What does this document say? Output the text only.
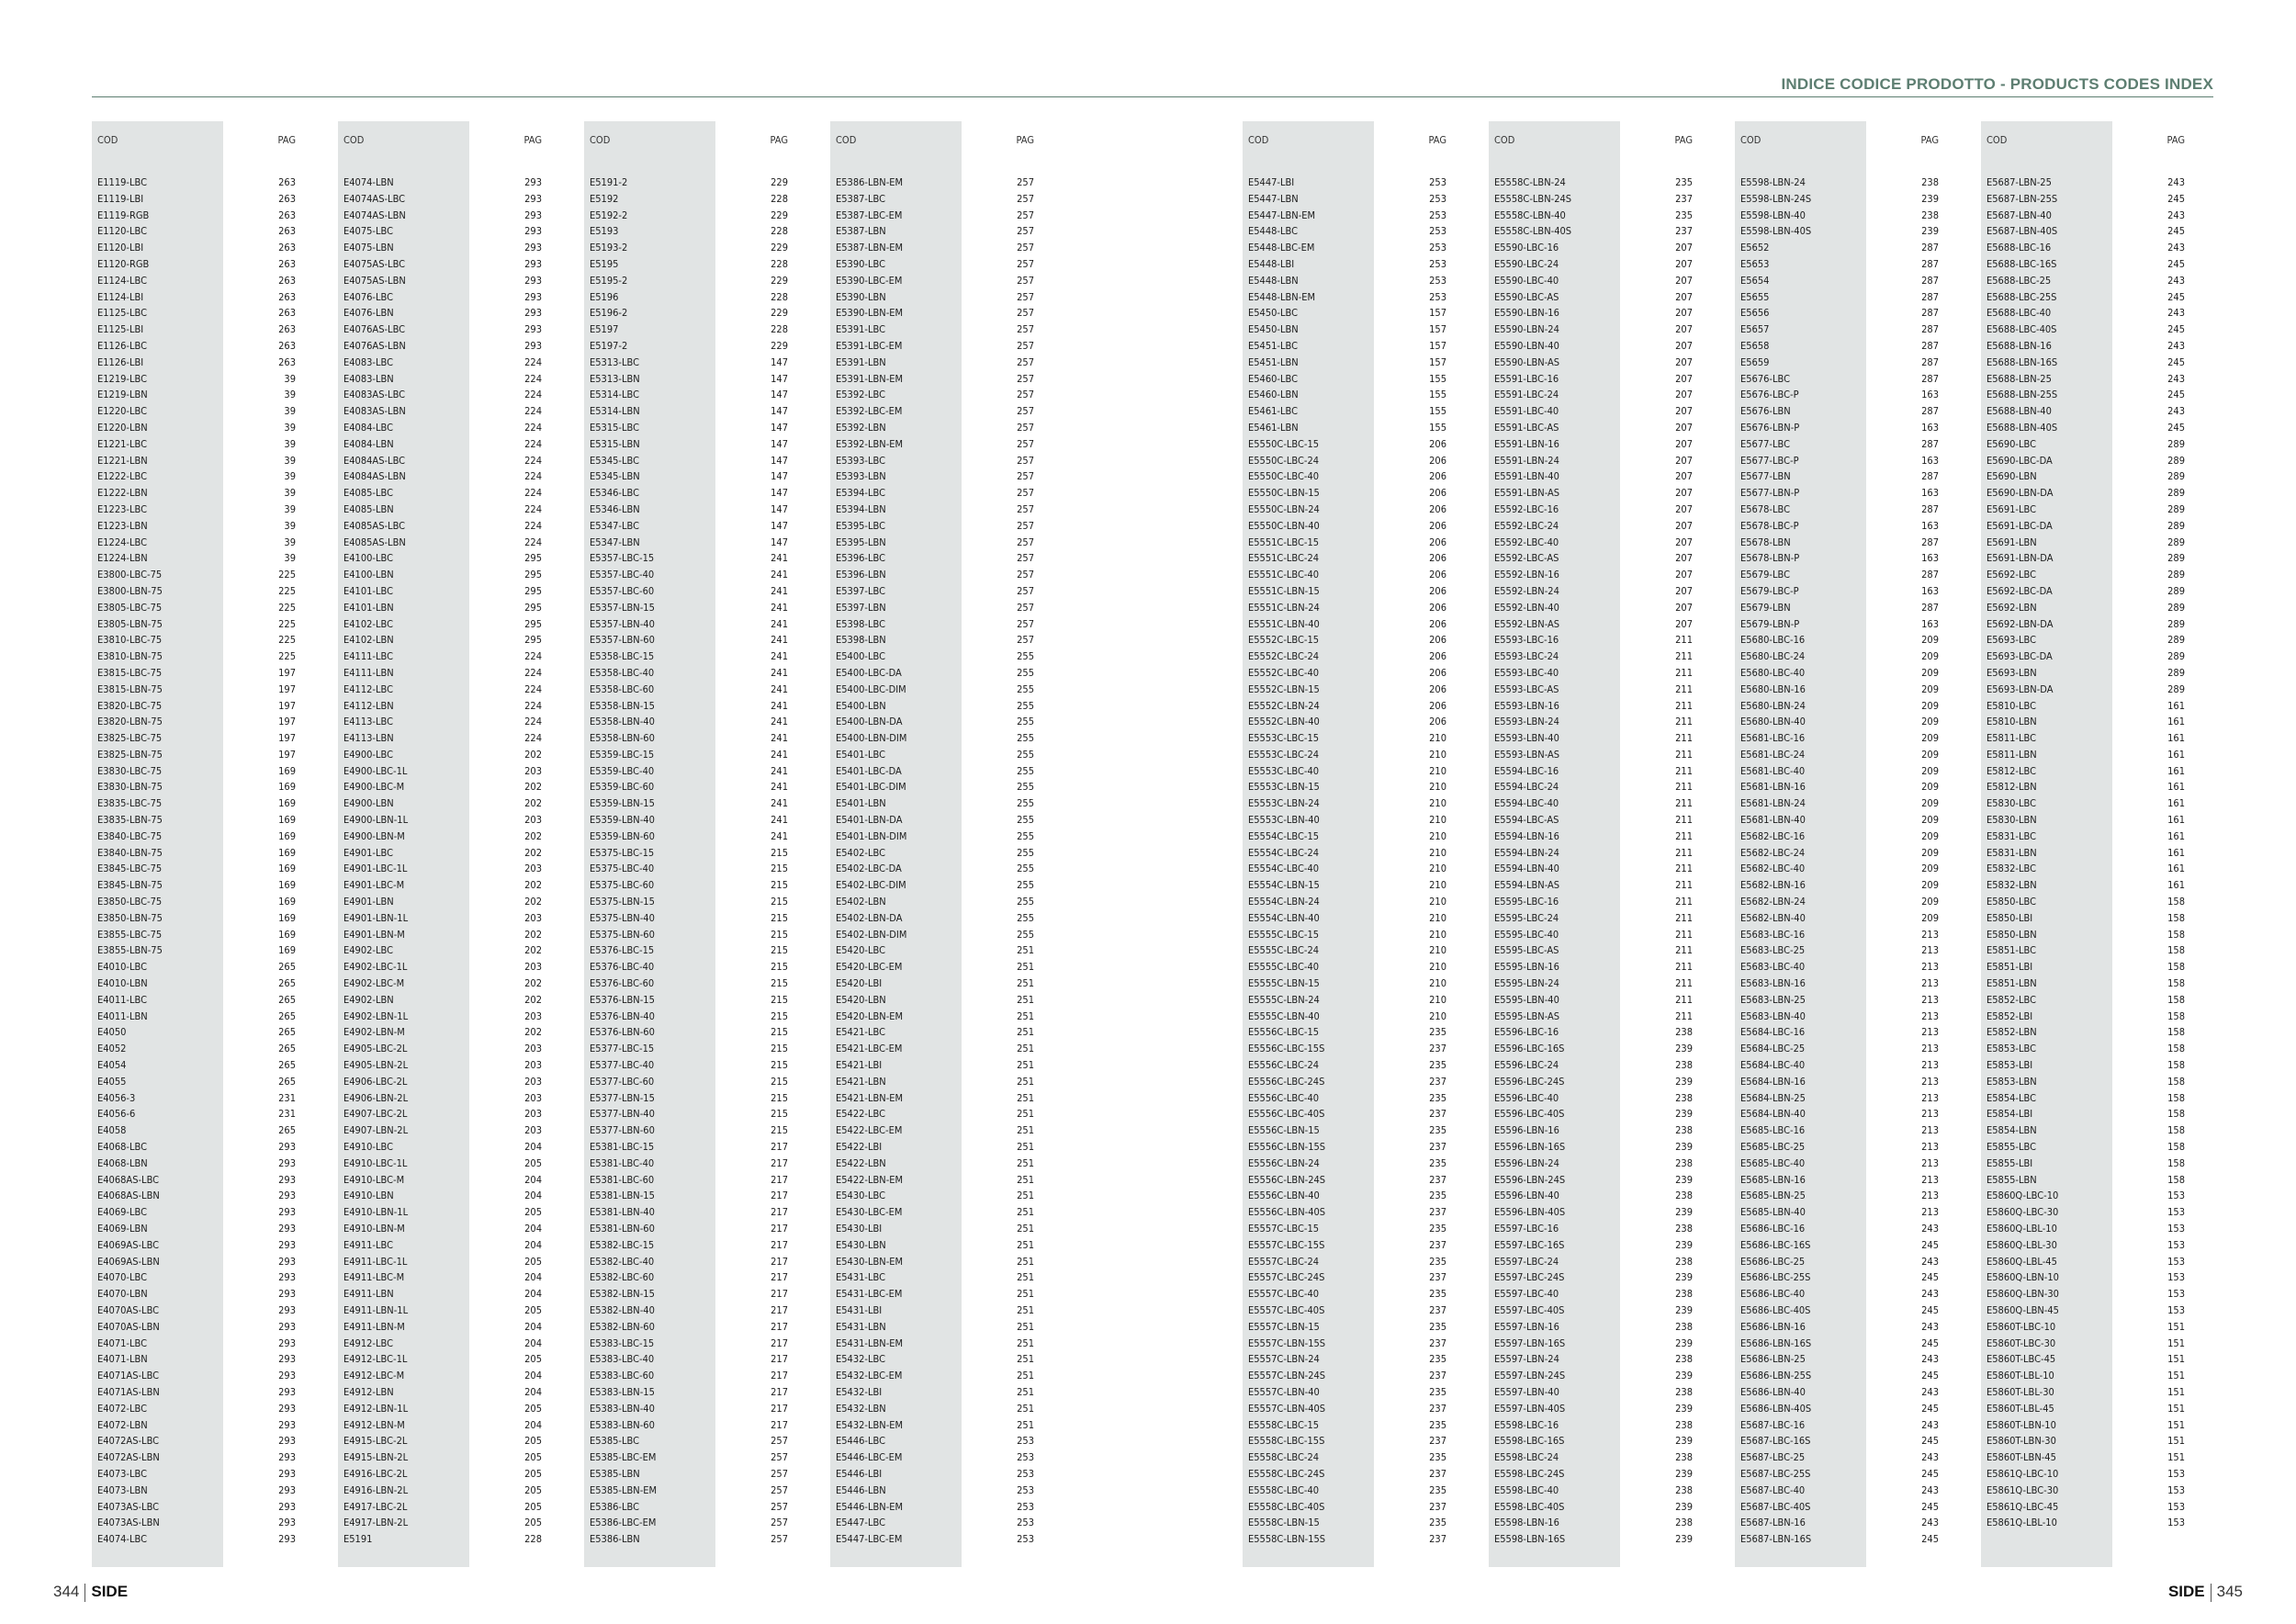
INDICE CODICE PRODOTTO - PRODUCTS CODES INDEX
COD	PAG
E1119-LBC	263
E1119-LBI	263
E1119-RGB	263
E1120-LBC	263
E1120-LBI	263
E1120-RGB	263
E1124-LBC	263
E1124-LBI	263
E1125-LBC	263
E1125-LBI	263
E1126-LBC	263
E1126-LBI	263
E1219-LBC	39
E1219-LBN	39
E1220-LBC	39
E1220-LBN	39
E1221-LBC	39
E1221-LBN	39
E1222-LBC	39
E1222-LBN	39
E1223-LBC	39
E1223-LBN	39
E1224-LBC	39
E1224-LBN	39
E3800-LBC-75	225
E3800-LBN-75	225
E3805-LBC-75	225
E3805-LBN-75	225
E3810-LBC-75	225
E3810-LBN-75	225
E3815-LBC-75	197
E3815-LBN-75	197
E3820-LBC-75	197
E3820-LBN-75	197
E3825-LBC-75	197
E3825-LBN-75	197
E3830-LBC-75	169
E3830-LBN-75	169
E3835-LBC-75	169
E3835-LBN-75	169
E3840-LBC-75	169
E3840-LBN-75	169
E3845-LBC-75	169
E3845-LBN-75	169
E3850-LBC-75	169
E3850-LBN-75	169
E3855-LBC-75	169
E3855-LBN-75	169
E4010-LBC	265
E4010-LBN	265
E4011-LBC	265
E4011-LBN	265
E4050	265
E4052	265
E4054	265
E4055	265
E4056-3	231
E4056-6	231
E4058	265
E4068-LBC	293
E4068-LBN	293
E4068AS-LBC	293
E4068AS-LBN	293
E4069-LBC	293
E4069-LBN	293
E4069AS-LBC	293
E4069AS-LBN	293
E4070-LBC	293
E4070-LBN	293
E4070AS-LBC	293
E4070AS-LBN	293
E4071-LBC	293
E4071-LBN	293
E4071AS-LBC	293
E4071AS-LBN	293
E4072-LBC	293
E4072-LBN	293
E4072AS-LBC	293
E4072AS-LBN	293
E4073-LBC	293
E4073-LBN	293
E4073AS-LBC	293
E4073AS-LBN	293
E4074-LBC	293
COD	PAG
E4074-LBN	293
E4074AS-LBC	293
E4074AS-LBN	293
E4075-LBC	293
E4075-LBN	293
E4075AS-LBC	293
E4075AS-LBN	293
E4076-LBC	293
E4076-LBN	293
E4076AS-LBC	293
E4076AS-LBN	293
E4083-LBC	224
E4083-LBN	224
E4083AS-LBC	224
E4083AS-LBN	224
E4084-LBC	224
E4084-LBN	224
E4084AS-LBC	224
E4084AS-LBN	224
E4085-LBC	224
E4085-LBN	224
E4085AS-LBC	224
E4085AS-LBN	224
E4100-LBC	295
E4100-LBN	295
E4101-LBC	295
E4101-LBN	295
E4102-LBC	295
E4102-LBN	295
E4111-LBC	224
E4111-LBN	224
E4112-LBC	224
E4112-LBN	224
E4113-LBC	224
E4113-LBN	224
E4900-LBC	202
E4900-LBC-1L	203
E4900-LBC-M	202
E4900-LBN	202
E4900-LBN-1L	203
E4900-LBN-M	202
E4901-LBC	202
E4901-LBC-1L	203
E4901-LBC-M	202
E4901-LBN	202
E4901-LBN-1L	203
E4901-LBN-M	202
E4902-LBC	202
E4902-LBC-1L	203
E4902-LBC-M	202
E4902-LBN	202
E4902-LBN-1L	203
E4902-LBN-M	202
E4905-LBC-2L	203
E4905-LBN-2L	203
E4906-LBC-2L	203
E4906-LBN-2L	203
E4907-LBC-2L	203
E4907-LBN-2L	203
E4910-LBC	204
E4910-LBC-1L	205
E4910-LBC-M	204
E4910-LBN	204
E4910-LBN-1L	205
E4910-LBN-M	204
E4911-LBC	204
E4911-LBC-1L	205
E4911-LBC-M	204
E4911-LBN	204
E4911-LBN-1L	205
E4911-LBN-M	204
E4912-LBC	204
E4912-LBC-1L	205
E4912-LBC-M	204
E4912-LBN	204
E4912-LBN-1L	205
E4912-LBN-M	204
E4915-LBC-2L	205
E4915-LBN-2L	205
E4916-LBC-2L	205
E4916-LBN-2L	205
E4917-LBC-2L	205
E4917-LBN-2L	205
E5191	228
COD	PAG
E5191-2	229
E5192	228
E5192-2	229
E5193	228
E5193-2	229
E5195	228
E5195-2	229
E5196	228
E5196-2	229
E5197	228
E5197-2	229
E5313-LBC	147
E5313-LBN	147
E5314-LBC	147
E5314-LBN	147
E5315-LBC	147
E5315-LBN	147
E5345-LBC	147
E5345-LBN	147
E5346-LBC	147
E5346-LBN	147
E5347-LBC	147
E5347-LBN	147
E5357-LBC-15	241
E5357-LBC-40	241
E5357-LBC-60	241
E5357-LBN-15	241
E5357-LBN-40	241
E5357-LBN-60	241
E5358-LBC-15	241
E5358-LBC-40	241
E5358-LBC-60	241
E5358-LBN-15	241
E5358-LBN-40	241
E5358-LBN-60	241
E5359-LBC-15	241
E5359-LBC-40	241
E5359-LBC-60	241
E5359-LBN-15	241
E5359-LBN-40	241
E5359-LBN-60	241
E5375-LBC-15	215
E5375-LBC-40	215
E5375-LBC-60	215
E5375-LBN-15	215
E5375-LBN-40	215
E5375-LBN-60	215
E5376-LBC-15	215
E5376-LBC-40	215
E5376-LBC-60	215
E5376-LBN-15	215
E5376-LBN-40	215
E5376-LBN-60	215
E5377-LBC-15	215
E5377-LBC-40	215
E5377-LBC-60	215
E5377-LBN-15	215
E5377-LBN-40	215
E5377-LBN-60	215
E5381-LBC-15	217
E5381-LBC-40	217
E5381-LBC-60	217
E5381-LBN-15	217
E5381-LBN-40	217
E5381-LBN-60	217
E5382-LBC-15	217
E5382-LBC-40	217
E5382-LBC-60	217
E5382-LBN-15	217
E5382-LBN-40	217
E5382-LBN-60	217
E5383-LBC-15	217
E5383-LBC-40	217
E5383-LBC-60	217
E5383-LBN-15	217
E5383-LBN-40	217
E5383-LBN-60	217
E5385-LBC	257
E5385-LBC-EM	257
E5385-LBN	257
E5385-LBN-EM	257
E5386-LBC	257
E5386-LBC-EM	257
E5386-LBN	257
COD	PAG
E5386-LBN-EM	257
E5387-LBC	257
E5387-LBC-EM	257
E5387-LBN	257
E5387-LBN-EM	257
E5390-LBC	257
E5390-LBC-EM	257
E5390-LBN	257
E5390-LBN-EM	257
E5391-LBC	257
E5391-LBC-EM	257
E5391-LBN	257
E5391-LBN-EM	257
E5392-LBC	257
E5392-LBC-EM	257
E5392-LBN	257
E5392-LBN-EM	257
E5393-LBC	257
E5393-LBN	257
E5394-LBC	257
E5394-LBN	257
E5395-LBC	257
E5395-LBN	257
E5396-LBC	257
E5396-LBN	257
E5397-LBC	257
E5397-LBN	257
E5398-LBC	257
E5398-LBN	257
E5400-LBC	255
E5400-LBC-DA	255
E5400-LBC-DIM	255
E5400-LBN	255
E5400-LBN-DA	255
E5400-LBN-DIM	255
E5401-LBC	255
E5401-LBC-DA	255
E5401-LBC-DIM	255
E5401-LBN	255
E5401-LBN-DA	255
E5401-LBN-DIM	255
E5402-LBC	255
E5402-LBC-DA	255
E5402-LBC-DIM	255
E5402-LBN	255
E5402-LBN-DA	255
E5402-LBN-DIM	255
E5420-LBC	251
E5420-LBC-EM	251
E5420-LBI	251
E5420-LBN	251
E5420-LBN-EM	251
E5421-LBC	251
E5421-LBC-EM	251
E5421-LBI	251
E5421-LBN	251
E5421-LBN-EM	251
E5422-LBC	251
E5422-LBC-EM	251
E5422-LBI	251
E5422-LBN	251
E5422-LBN-EM	251
E5430-LBC	251
E5430-LBC-EM	251
E5430-LBI	251
E5430-LBN	251
E5430-LBN-EM	251
E5431-LBC	251
E5431-LBC-EM	251
E5431-LBI	251
E5431-LBN	251
E5431-LBN-EM	251
E5432-LBC	251
E5432-LBC-EM	251
E5432-LBI	251
E5432-LBN	251
E5432-LBN-EM	251
E5446-LBC	253
E5446-LBC-EM	253
E5446-LBI	253
E5446-LBN	253
E5446-LBN-EM	253
E5447-LBC	253
E5447-LBC-EM	253
COD	PAG
E5447-LBI	253
E5447-LBN	253
E5447-LBN-EM	253
E5448-LBC	253
E5448-LBC-EM	253
E5448-LBI	253
E5448-LBN	253
E5448-LBN-EM	253
E5450-LBC	157
E5450-LBN	157
E5451-LBC	157
E5451-LBN	157
E5460-LBC	155
E5460-LBN	155
E5461-LBC	155
E5461-LBN	155
E5550C-LBC-15	206
E5550C-LBC-24	206
E5550C-LBC-40	206
E5550C-LBN-15	206
E5550C-LBN-24	206
E5550C-LBN-40	206
E5551C-LBC-15	206
E5551C-LBC-24	206
E5551C-LBC-40	206
E5551C-LBN-15	206
E5551C-LBN-24	206
E5551C-LBN-40	206
E5552C-LBC-15	206
E5552C-LBC-24	206
E5552C-LBC-40	206
E5552C-LBN-15	206
E5552C-LBN-24	206
E5552C-LBN-40	206
E5553C-LBC-15	210
E5553C-LBC-24	210
E5553C-LBC-40	210
E5553C-LBN-15	210
E5553C-LBN-24	210
E5553C-LBN-40	210
E5554C-LBC-15	210
E5554C-LBC-24	210
E5554C-LBC-40	210
E5554C-LBN-15	210
E5554C-LBN-24	210
E5554C-LBN-40	210
E5555C-LBC-15	210
E5555C-LBC-24	210
E5555C-LBC-40	210
E5555C-LBN-15	210
E5555C-LBN-24	210
E5555C-LBN-40	210
E5556C-LBC-15	235
E5556C-LBC-15S	237
E5556C-LBC-24	235
E5556C-LBC-24S	237
E5556C-LBC-40	235
E5556C-LBC-40S	237
E5556C-LBN-15	235
E5556C-LBN-15S	237
E5556C-LBN-24	235
E5556C-LBN-24S	237
E5556C-LBN-40	235
E5556C-LBN-40S	237
E5557C-LBC-15	235
E5557C-LBC-15S	237
E5557C-LBC-24	235
E5557C-LBC-24S	237
E5557C-LBC-40	235
E5557C-LBC-40S	237
E5557C-LBN-15	235
E5557C-LBN-15S	237
E5557C-LBN-24	235
E5557C-LBN-24S	237
E5557C-LBN-40	235
E5557C-LBN-40S	237
E5558C-LBC-15	235
E5558C-LBC-15S	237
E5558C-LBC-24	235
E5558C-LBC-24S	237
E5558C-LBC-40	235
E5558C-LBC-40S	237
E5558C-LBN-15	235
E5558C-LBN-15S	237
COD	PAG
E5558C-LBN-24	235
E5558C-LBN-24S	237
E5558C-LBN-40	235
E5558C-LBN-40S	237
E5590-LBC-16	207
E5590-LBC-24	207
E5590-LBC-40	207
E5590-LBC-AS	207
E5590-LBN-16	207
E5590-LBN-24	207
E5590-LBN-40	207
E5590-LBN-AS	207
E5591-LBC-16	207
E5591-LBC-24	207
E5591-LBC-40	207
E5591-LBC-AS	207
E5591-LBN-16	207
E5591-LBN-24	207
E5591-LBN-40	207
E5591-LBN-AS	207
E5592-LBC-16	207
E5592-LBC-24	207
E5592-LBC-40	207
E5592-LBC-AS	207
E5592-LBN-16	207
E5592-LBN-24	207
E5592-LBN-40	207
E5592-LBN-AS	207
E5593-LBC-16	211
E5593-LBC-24	211
E5593-LBC-40	211
E5593-LBC-AS	211
E5593-LBN-16	211
E5593-LBN-24	211
E5593-LBN-40	211
E5593-LBN-AS	211
E5594-LBC-16	211
E5594-LBC-24	211
E5594-LBC-40	211
E5594-LBC-AS	211
E5594-LBN-16	211
E5594-LBN-24	211
E5594-LBN-40	211
E5594-LBN-AS	211
E5595-LBC-16	211
E5595-LBC-24	211
E5595-LBC-40	211
E5595-LBC-AS	211
E5595-LBN-16	211
E5595-LBN-24	211
E5595-LBN-40	211
E5595-LBN-AS	211
E5596-LBC-16	238
E5596-LBC-16S	239
E5596-LBC-24	238
E5596-LBC-24S	239
E5596-LBC-40	238
E5596-LBC-40S	239
E5596-LBN-16	238
E5596-LBN-16S	239
E5596-LBN-24	238
E5596-LBN-24S	239
E5596-LBN-40	238
E5596-LBN-40S	239
E5597-LBC-16	238
E5597-LBC-16S	239
E5597-LBC-24	238
E5597-LBC-24S	239
E5597-LBC-40	238
E5597-LBC-40S	239
E5597-LBN-16	238
E5597-LBN-16S	239
E5597-LBN-24	238
E5597-LBN-24S	239
E5597-LBN-40	238
E5597-LBN-40S	239
E5598-LBC-16	238
E5598-LBC-16S	239
E5598-LBC-24	238
E5598-LBC-24S	239
E5598-LBC-40	238
E5598-LBC-40S	239
E5598-LBN-16	238
E5598-LBN-16S	239
COD	PAG
E5598-LBN-24	238
E5598-LBN-24S	239
E5598-LBN-40	238
E5598-LBN-40S	239
E5652	287
E5653	287
E5654	287
E5655	287
E5656	287
E5657	287
E5658	287
E5659	287
E5676-LBC	287
E5676-LBC-P	163
E5676-LBN	287
E5676-LBN-P	163
E5677-LBC	287
E5677-LBC-P	163
E5677-LBN	287
E5677-LBN-P	163
E5678-LBC	287
E5678-LBC-P	163
E5678-LBN	287
E5678-LBN-P	163
E5679-LBC	287
E5679-LBC-P	163
E5679-LBN	287
E5679-LBN-P	163
E5680-LBC-16	209
E5680-LBC-24	209
E5680-LBC-40	209
E5680-LBN-16	209
E5680-LBN-24	209
E5680-LBN-40	209
E5681-LBC-16	209
E5681-LBC-24	209
E5681-LBC-40	209
E5681-LBN-16	209
E5681-LBN-24	209
E5681-LBN-40	209
E5682-LBC-16	209
E5682-LBC-24	209
E5682-LBC-40	209
E5682-LBN-16	209
E5682-LBN-24	209
E5682-LBN-40	209
E5683-LBC-16	213
E5683-LBC-25	213
E5683-LBC-40	213
E5683-LBN-16	213
E5683-LBN-25	213
E5683-LBN-40	213
E5684-LBC-16	213
E5684-LBC-25	213
E5684-LBC-40	213
E5684-LBN-16	213
E5684-LBN-25	213
E5684-LBN-40	213
E5685-LBC-16	213
E5685-LBC-25	213
E5685-LBC-40	213
E5685-LBN-16	213
E5685-LBN-25	213
E5685-LBN-40	213
E5686-LBC-16	243
E5686-LBC-16S	245
E5686-LBC-25	243
E5686-LBC-25S	245
E5686-LBC-40	243
E5686-LBC-40S	245
E5686-LBN-16	243
E5686-LBN-16S	245
E5686-LBN-25	243
E5686-LBN-25S	245
E5686-LBN-40	243
E5686-LBN-40S	245
E5687-LBC-16	243
E5687-LBC-16S	245
E5687-LBC-25	243
E5687-LBC-25S	245
E5687-LBC-40	243
E5687-LBC-40S	245
E5687-LBN-16	243
E5687-LBN-16S	245
COD	PAG
E5687-LBN-25	243
E5687-LBN-25S	245
E5687-LBN-40	243
E5687-LBN-40S	245
E5688-LBC-16	243
E5688-LBC-16S	245
E5688-LBC-25	243
E5688-LBC-25S	245
E5688-LBC-40	243
E5688-LBC-40S	245
E5688-LBN-16	243
E5688-LBN-16S	245
E5688-LBN-25	243
E5688-LBN-25S	245
E5688-LBN-40	243
E5688-LBN-40S	245
E5690-LBC	289
E5690-LBC-DA	289
E5690-LBN	289
E5690-LBN-DA	289
E5691-LBC	289
E5691-LBC-DA	289
E5691-LBN	289
E5691-LBN-DA	289
E5692-LBC	289
E5692-LBC-DA	289
E5692-LBN	289
E5692-LBN-DA	289
E5693-LBC	289
E5693-LBC-DA	289
E5693-LBN	289
E5693-LBN-DA	289
E5810-LBC	161
E5810-LBN	161
E5811-LBC	161
E5811-LBN	161
E5812-LBC	161
E5812-LBN	161
E5830-LBC	161
E5830-LBN	161
E5831-LBC	161
E5831-LBN	161
E5832-LBC	161
E5832-LBN	161
E5850-LBC	158
E5850-LBI	158
E5850-LBN	158
E5851-LBC	158
E5851-LBI	158
E5851-LBN	158
E5852-LBC	158
E5852-LBI	158
E5852-LBN	158
E5853-LBC	158
E5853-LBI	158
E5853-LBN	158
E5854-LBC	158
E5854-LBI	158
E5854-LBN	158
E5855-LBC	158
E5855-LBI	158
E5855-LBN	158
E5860Q-LBC-10	153
E5860Q-LBC-30	153
E5860Q-LBL-10	153
E5860Q-LBL-30	153
E5860Q-LBL-45	153
E5860Q-LBN-10	153
E5860Q-LBN-30	153
E5860Q-LBN-45	153
E5860T-LBC-10	151
E5860T-LBC-30	151
E5860T-LBC-45	151
E5860T-LBL-10	151
E5860T-LBL-30	151
E5860T-LBL-45	151
E5860T-LBN-10	151
E5860T-LBN-30	151
E5860T-LBN-45	151
E5861Q-LBC-10	153
E5861Q-LBC-30	153
E5861Q-LBC-45	153
E5861Q-LBL-10	153
344 SIDE	SIDE 345
